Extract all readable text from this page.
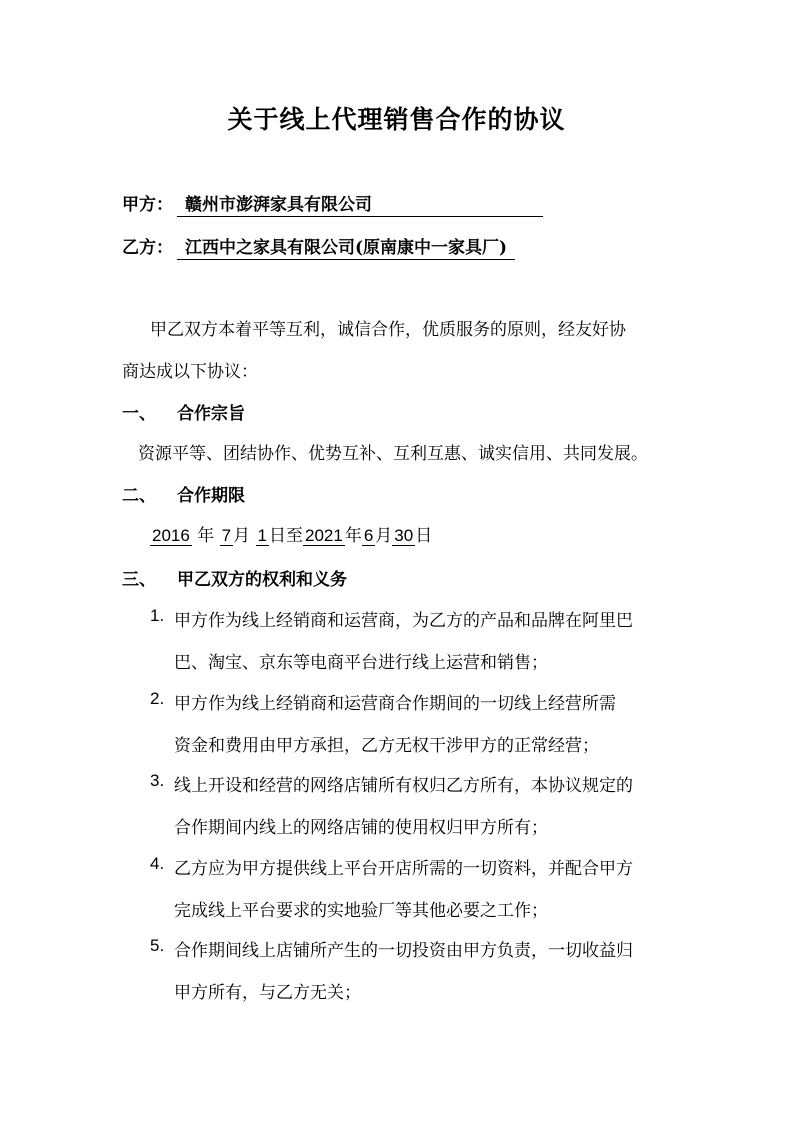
关于线上代理销售合作的协议
甲方： 赣州市澎湃家具有限公司
乙方： 江西中之家具有限公司(原南康中一家具厂)
甲乙双方本着平等互利，诚信合作，优质服务的原则，经友好协
商达成以下协议：
一、 合作宗旨
资源平等、团结协作、优势互补、互利互惠、诚实信用、共同发展。
二、 合作期限
2016 年 7 月 1 日至 2021 年 6 月 30 日
三、 甲乙双方的权利和义务
1. 甲方作为线上经销商和运营商，为乙方的产品和品牌在阿里巴
巴、淘宝、京东等电商平台进行线上运营和销售；
2. 甲方作为线上经销商和运营商合作期间的一切线上经营所需
资金和费用由甲方承担，乙方无权干涉甲方的正常经营；
3. 线上开设和经营的网络店铺所有权归乙方所有，本协议规定的
合作期间内线上的网络店铺的使用权归甲方所有；
4. 乙方应为甲方提供线上平台开店所需的一切资料，并配合甲方
完成线上平台要求的实地验厂等其他必要之工作；
5. 合作期间线上店铺所产生的一切投资由甲方负责，一切收益归
甲方所有，与乙方无关；
